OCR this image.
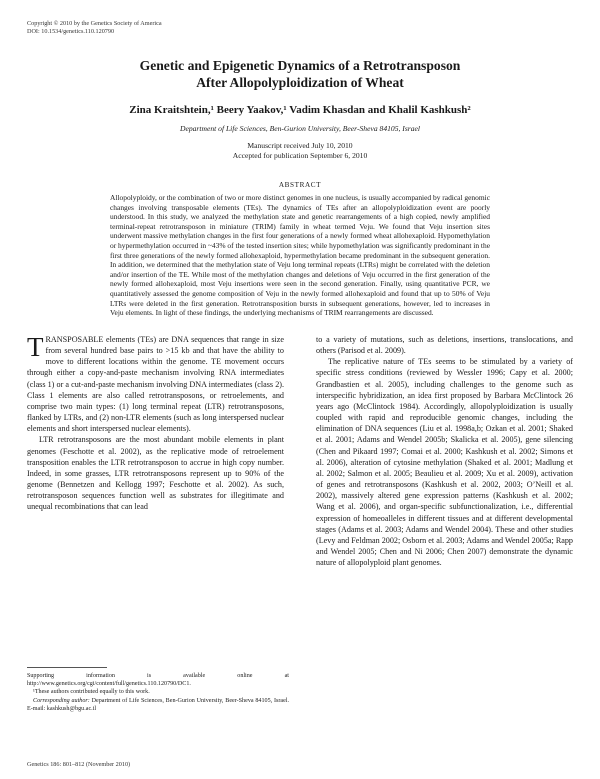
Copyright © 2010 by the Genetics Society of America
DOI: 10.1534/genetics.110.120790
Genetic and Epigenetic Dynamics of a Retrotransposon
After Allopolyploidization of Wheat
Zina Kraitshtein,¹ Beery Yaakov,¹ Vadim Khasdan and Khalil Kashkush²
Department of Life Sciences, Ben-Gurion University, Beer-Sheva 84105, Israel
Manuscript received July 10, 2010
Accepted for publication September 6, 2010
ABSTRACT
Allopolyploidy, or the combination of two or more distinct genomes in one nucleus, is usually accompanied by radical genomic changes involving transposable elements (TEs). The dynamics of TEs after an allopolyploidization event are poorly understood. In this study, we analyzed the methylation state and genetic rearrangements of a high copied, newly amplified terminal-repeat retrotransposon in miniature (TRIM) family in wheat termed Veju. We found that Veju insertion sites underwent massive methylation changes in the first four generations of a newly formed wheat allohexaploid. Hypomethylation or hypermethylation occurred in ~43% of the tested insertion sites; while hypomethylation was significantly predominant in the first three generations of the newly formed allohexaploid, hypermethylation became predominant in the subsequent generation. In addition, we determined that the methylation state of Veju long terminal repeats (LTRs) might be correlated with the deletion and/or insertion of the TE. While most of the methylation changes and deletions of Veju occurred in the first generation of the newly formed allohexaploid, most Veju insertions were seen in the second generation. Finally, using quantitative PCR, we quantitatively assessed the genome composition of Veju in the newly formed allohexaploid and found that up to 50% of Veju LTRs were deleted in the first generation. Retrotransposition bursts in subsequent generations, however, led to increases in Veju elements. In light of these findings, the underlying mechanisms of TRIM rearrangements are discussed.

TRANSPOSABLE elements (TEs) are DNA sequences that range in size from several hundred base pairs to >15 kb and that have the ability to move to different locations within the genome. TE movement occurs through either a copy-and-paste mechanism involving RNA intermediates (class 1) or a cut-and-paste mechanism involving DNA intermediates (class 2). Class 1 elements are also called retrotransposons, or retroelements, and comprise two main types: (1) long terminal repeat (LTR) retrotransposons, flanked by LTRs, and (2) non-LTR elements (such as long interspersed nuclear elements and short interspersed nuclear elements).

LTR retrotransposons are the most abundant mobile elements in plant genomes (Feschotte et al. 2002), as the replicative mode of retroelement transposition enables the LTR retrotransposon to accrue in high copy number. Indeed, in some grasses, LTR retrotransposons represent up to 90% of the genome (Bennetzen and Kellogg 1997; Feschotte et al. 2002). As such, retrotransposon sequences function well as substrates for illegitimate and unequal recombinations that can lead

to a variety of mutations, such as deletions, insertions, translocations, and others (Parisod et al. 2009).

The replicative nature of TEs seems to be stimulated by a variety of specific stress conditions (reviewed by Wessler 1996; Capy et al. 2000; Grandbastien et al. 2005), including challenges to the genome such as interspecific hybridization, an idea first proposed by Barbara McClintock 26 years ago (McClintock 1984). Accordingly, allopolyploidization is usually coupled with rapid and reproducible genomic changes, including the elimination of DNA sequences (Liu et al. 1998a,b; Ozkan et al. 2001; Shaked et al. 2001; Adams and Wendel 2005b; Skalicka et al. 2005), gene silencing (Chen and Pikaard 1997; Comai et al. 2000; Kashkush et al. 2002; Simons et al. 2006), alteration of cytosine methylation (Shaked et al. 2001; Madlung et al. 2002; Salmon et al. 2005; Beaulieu et al. 2009; Xu et al. 2009), activation of genes and retrotransposons (Kashkush et al. 2002, 2003; O’Neill et al. 2002), massively altered gene expression patterns (Kashkush et al. 2002; Wang et al. 2006), and organ-specific subfunctionalization, i.e., differential expression of homeoalleles in different tissues and at different developmental stages (Adams et al. 2003; Adams and Wendel 2004). These and other studies (Levy and Feldman 2002; Osborn et al. 2003; Adams and Wendel 2005a; Rapp and Wendel 2005; Chen and Ni 2006; Chen 2007) demonstrate the dynamic nature of allopolyploid plant genomes.

Supporting information is available online at http://www.genetics.org/cgi/content/full/genetics.110.120790/DC1.

¹These authors contributed equally to this work.

Corresponding author: Department of Life Sciences, Ben-Gurion University, Beer-Sheva 84105, Israel. E-mail: kashkush@bgu.ac.il

Genetics 186: 801–812 (November 2010)
